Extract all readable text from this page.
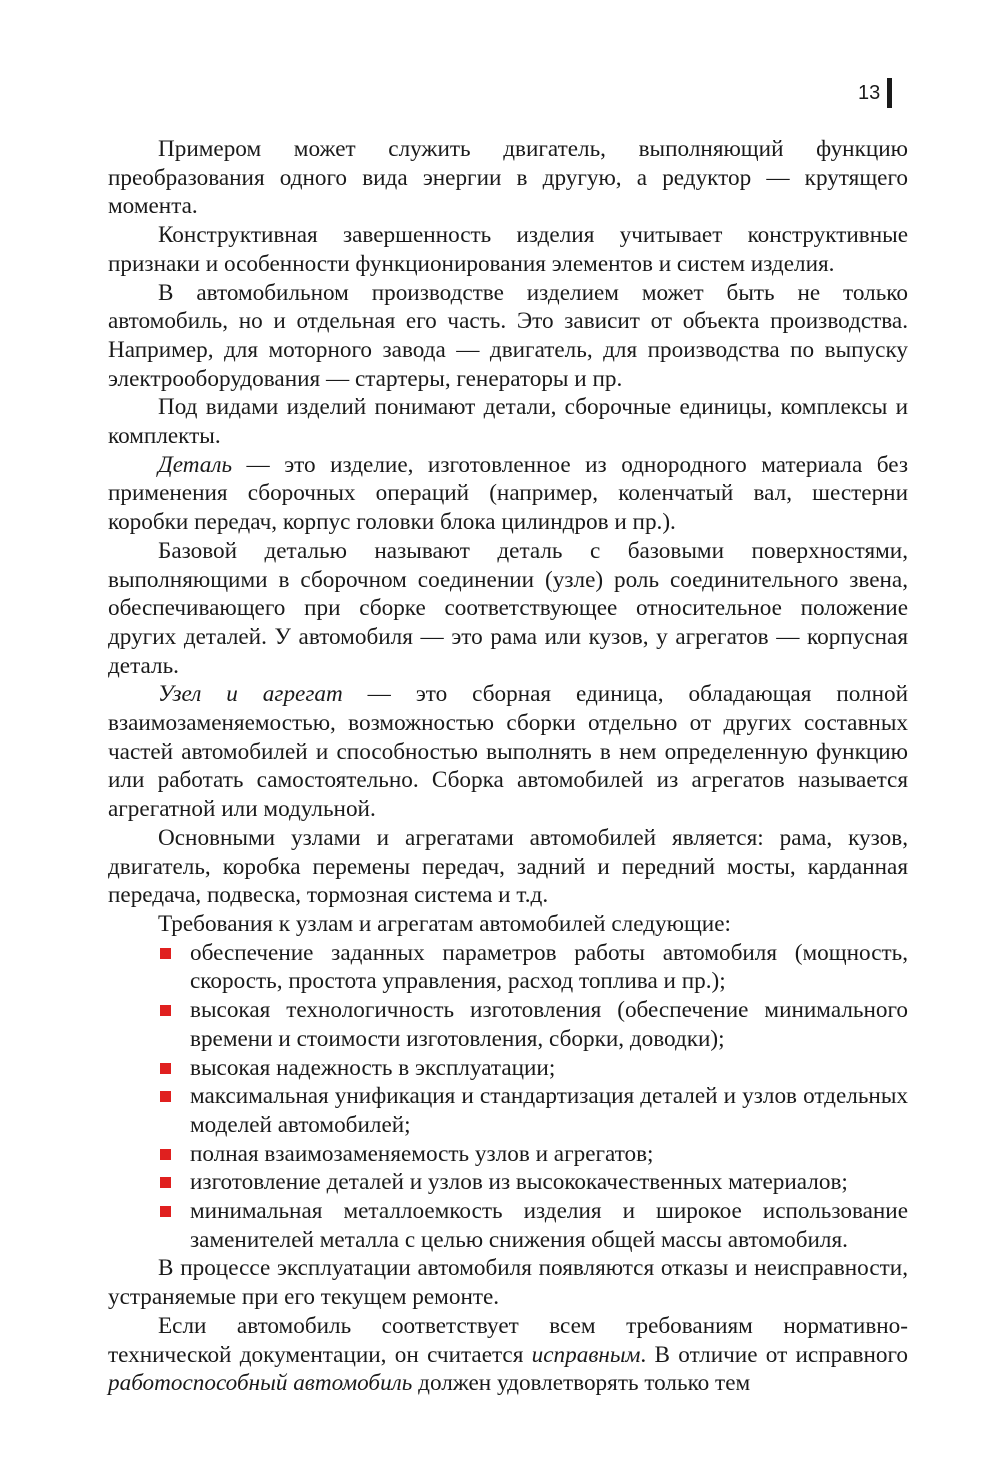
13

Примером может служить двигатель, выполняющий функцию преобразования одного вида энергии в другую, а редуктор — крутящего момента.

Конструктивная завершенность изделия учитывает конструктивные признаки и особенности функционирования элементов и систем изделия.

В автомобильном производстве изделием может быть не только автомобиль, но и отдельная его часть. Это зависит от объекта производства. Например, для моторного завода — двигатель, для производства по выпуску электрооборудования — стартеры, генераторы и пр.

Под видами изделий понимают детали, сборочные единицы, комплексы и комплекты.

Деталь — это изделие, изготовленное из однородного материала без применения сборочных операций (например, коленчатый вал, шестерни коробки передач, корпус головки блока цилиндров и пр.).

Базовой деталью называют деталь с базовыми поверхностями, выполняющими в сборочном соединении (узле) роль соединительного звена, обеспечивающего при сборке соответствующее относительное положение других деталей. У автомобиля — это рама или кузов, у агрегатов — корпусная деталь.

Узел и агрегат — это сборная единица, обладающая полной взаимозаменяемостью, возможностью сборки отдельно от других составных частей автомобилей и способностью выполнять в нем определенную функцию или работать самостоятельно. Сборка автомобилей из агрегатов называется агрегатной или модульной.

Основными узлами и агрегатами автомобилей является: рама, кузов, двигатель, коробка перемены передач, задний и передний мосты, карданная передача, подвеска, тормозная система и т.д.

Требования к узлам и агрегатам автомобилей следующие:

обеспечение заданных параметров работы автомобиля (мощность, скорость, простота управления, расход топлива и пр.);
высокая технологичность изготовления (обеспечение минимального времени и стоимости изготовления, сборки, доводки);
высокая надежность в эксплуатации;
максимальная унификация и стандартизация деталей и узлов отдельных моделей автомобилей;
полная взаимозаменяемость узлов и агрегатов;
изготовление деталей и узлов из высококачественных материалов;
минимальная металлоемкость изделия и широкое использование заменителей металла с целью снижения общей массы автомобиля.

В процессе эксплуатации автомобиля появляются отказы и неисправности, устраняемые при его текущем ремонте.

Если автомобиль соответствует всем требованиям нормативно-технической документации, он считается исправным. В отличие от исправного работоспособный автомобиль должен удовлетворять только тем
